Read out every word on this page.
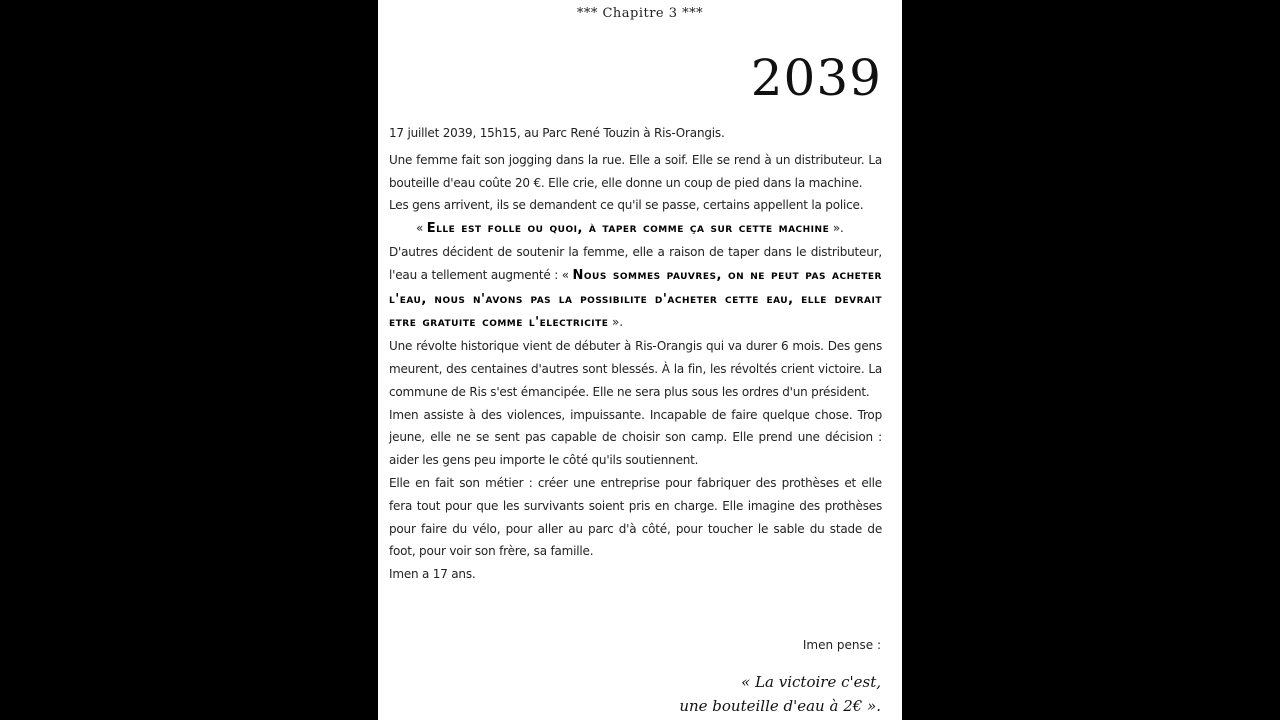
*** Chapitre 3 ***
2039

17 juillet 2039, 15h15, au Parc René Touzin à Ris-Orangis.

Une femme fait son jogging dans la rue. Elle a soif. Elle se rend à un distributeur. La bouteille d'eau coûte 20 €. Elle crie, elle donne un coup de pied dans la machine.

Les gens arrivent, ils se demandent ce qu'il se passe, certains appellent la police.

« Elle est folle ou quoi, à taper comme ça sur cette machine ».

D'autres décident de soutenir la femme, elle a raison de taper dans le distributeur, l'eau a tellement augmenté : « Nous sommes pauvres, on ne peut pas acheter l'eau, nous n'avons pas la possibilite d'acheter cette eau, elle devrait etre gratuite comme l'electricite ».

Une révolte historique vient de débuter à Ris-Orangis qui va durer 6 mois. Des gens meurent, des centaines d'autres sont blessés. À la fin, les révoltés crient victoire. La commune de Ris s'est émancipée. Elle ne sera plus sous les ordres d'un président.

Imen assiste à des violences, impuissante. Incapable de faire quelque chose. Trop jeune, elle ne se sent pas capable de choisir son camp. Elle prend une décision : aider les gens peu importe le côté qu'ils soutiennent.

Elle en fait son métier : créer une entreprise pour fabriquer des prothèses et elle fera tout pour que les survivants soient pris en charge. Elle imagine des prothèses pour faire du vélo, pour aller au parc d'à côté, pour toucher le sable du stade de foot, pour voir son frère, sa famille.

Imen a 17 ans.

Imen pense :
« La victoire c'est,
une bouteille d'eau à 2€ ».
